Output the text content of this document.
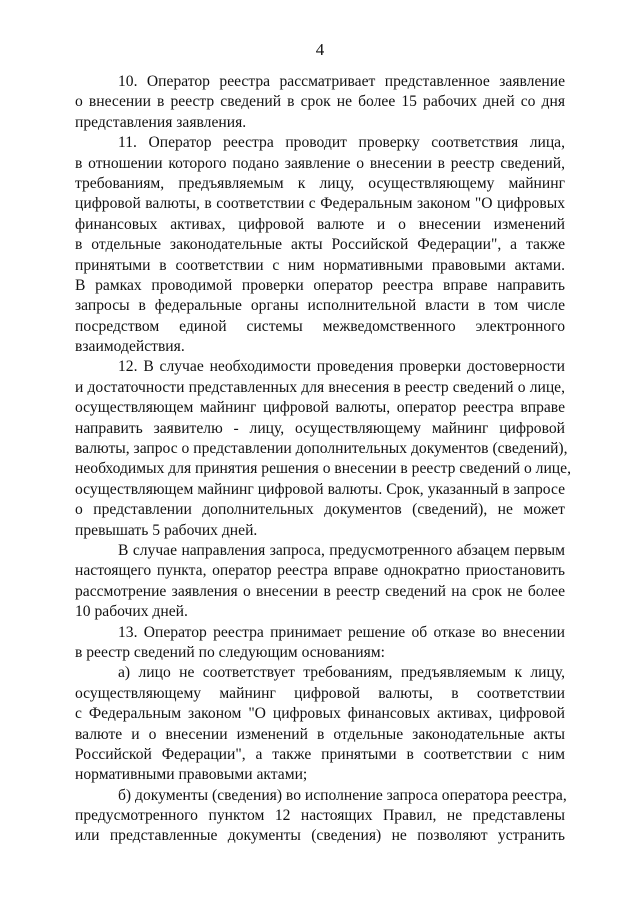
4
10. Оператор реестра рассматривает представленное заявление
о внесении в реестр сведений в срок не более 15 рабочих дней со дня
представления заявления.
11. Оператор реестра проводит проверку соответствия лица,
в отношении которого подано заявление о внесении в реестр сведений,
требованиям, предъявляемым к лицу, осуществляющему майнинг
цифровой валюты, в соответствии с Федеральным законом "О цифровых
финансовых активах, цифровой валюте и о внесении изменений
в отдельные законодательные акты Российской Федерации", а также
принятыми в соответствии с ним нормативными правовыми актами.
В рамках проводимой проверки оператор реестра вправе направить
запросы в федеральные органы исполнительной власти в том числе
посредством единой системы межведомственного электронного
взаимодействия.
12. В случае необходимости проведения проверки достоверности
и достаточности представленных для внесения в реестр сведений о лице,
осуществляющем майнинг цифровой валюты, оператор реестра вправе
направить заявителю - лицу, осуществляющему майнинг цифровой
валюты, запрос о представлении дополнительных документов (сведений),
необходимых для принятия решения о внесении в реестр сведений о лице,
осуществляющем майнинг цифровой валюты. Срок, указанный в запросе
о представлении дополнительных документов (сведений), не может
превышать 5 рабочих дней.
В случае направления запроса, предусмотренного абзацем первым
настоящего пункта, оператор реестра вправе однократно приостановить
рассмотрение заявления о внесении в реестр сведений на срок не более
10 рабочих дней.
13. Оператор реестра принимает решение об отказе во внесении
в реестр сведений по следующим основаниям:
а) лицо не соответствует требованиям, предъявляемым к лицу,
осуществляющему майнинг цифровой валюты, в соответствии
с Федеральным законом "О цифровых финансовых активах, цифровой
валюте и о внесении изменений в отдельные законодательные акты
Российской Федерации", а также принятыми в соответствии с ним
нормативными правовыми актами;
б) документы (сведения) во исполнение запроса оператора реестра,
предусмотренного пунктом 12 настоящих Правил, не представлены
или представленные документы (сведения) не позволяют устранить
